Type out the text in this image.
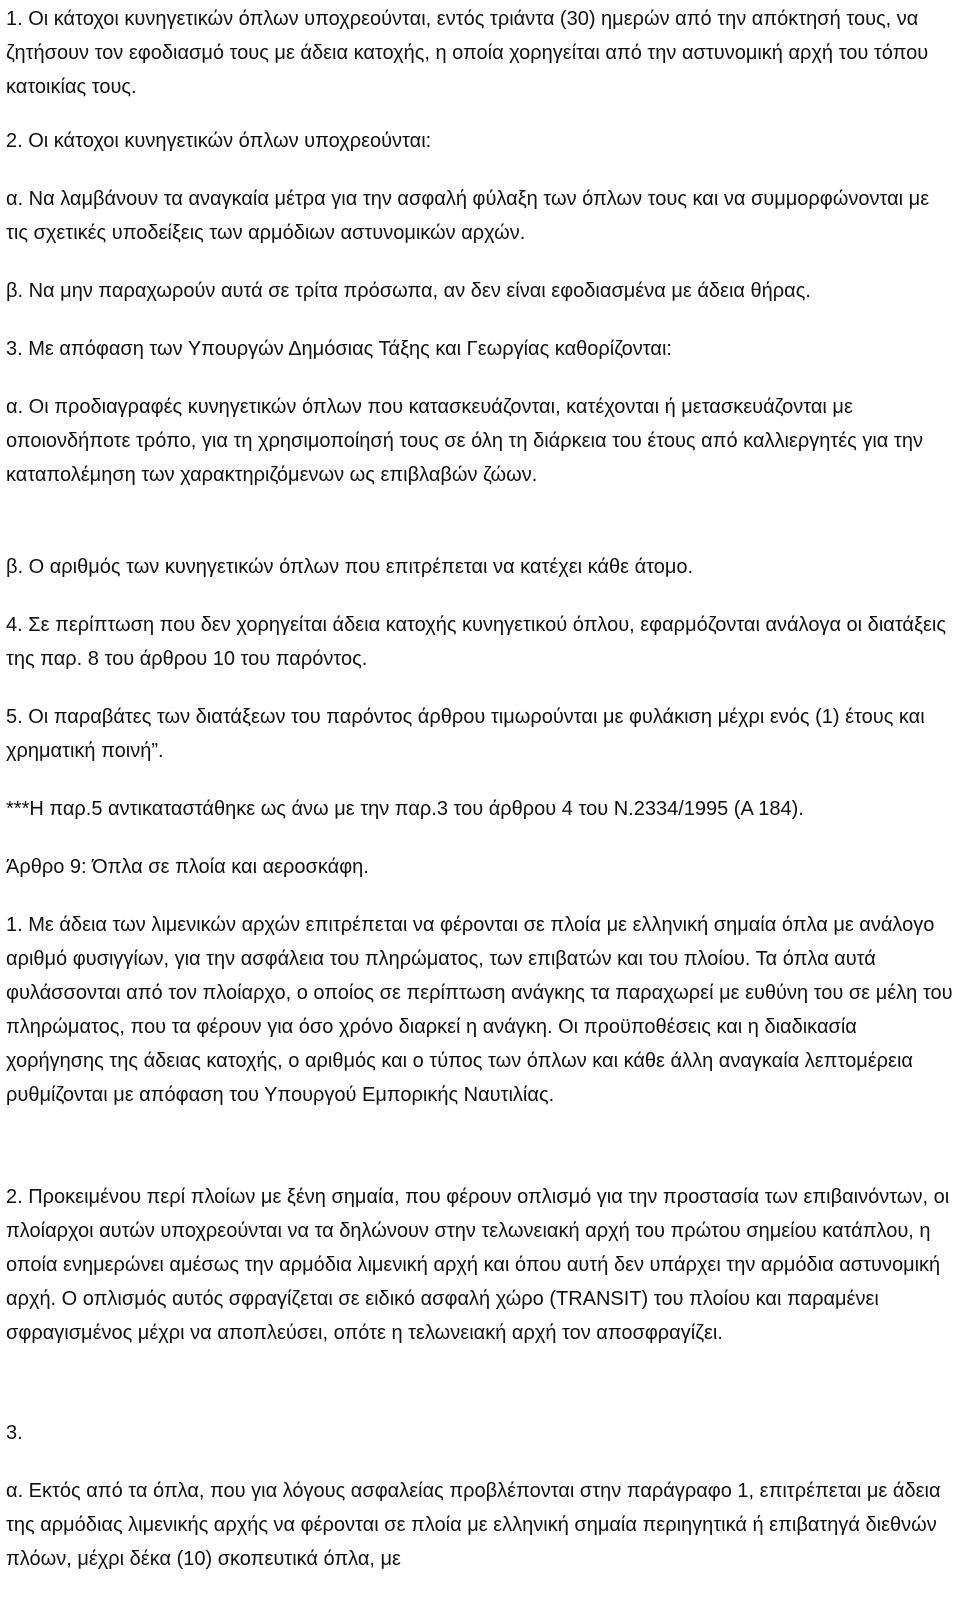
1. Οι κάτοχοι κυνηγετικών όπλων υποχρεούνται, εντός τριάντα (30) ημερών από την απόκτησή τους, να ζητήσουν τον εφοδιασμό τους με άδεια κατοχής, η οποία χορηγείται από την αστυνομική αρχή του τόπου κατοικίας τους.

2. Οι κάτοχοι κυνηγετικών όπλων υποχρεούνται:

α. Να λαμβάνουν τα αναγκαία μέτρα για την ασφαλή φύλαξη των όπλων τους και να συμμορφώνονται με τις σχετικές υποδείξεις των αρμόδιων αστυνομικών αρχών.

β. Να μην παραχωρούν αυτά σε τρίτα πρόσωπα, αν δεν είναι εφοδιασμένα με άδεια θήρας.

3. Με απόφαση των Υπουργών Δημόσιας Τάξης και Γεωργίας καθορίζονται:

α. Οι προδιαγραφές κυνηγετικών όπλων που κατασκευάζονται, κατέχονται ή μετασκευάζονται με οποιονδήποτε τρόπο, για τη χρησιμοποίησή τους σε όλη τη διάρκεια του έτους από καλλιεργητές για την καταπολέμηση των χαρακτηριζόμενων ως επιβλαβών ζώων.

β. Ο αριθμός των κυνηγετικών όπλων που επιτρέπεται να κατέχει κάθε άτομο.

4. Σε περίπτωση που δεν χορηγείται άδεια κατοχής κυνηγετικού όπλου, εφαρμόζονται ανάλογα οι διατάξεις της παρ. 8 του άρθρου 10 του παρόντος.

5. Οι παραβάτες των διατάξεων του παρόντος άρθρου τιμωρούνται με φυλάκιση μέχρι ενός (1) έτους και χρηματική ποινή”.

***Η παρ.5 αντικαταστάθηκε ως άνω με την παρ.3 του άρθρου 4 του Ν.2334/1995 (Α 184).

Άρθρο 9: Όπλα σε πλοία και αεροσκάφη.

1. Με άδεια των λιμενικών αρχών επιτρέπεται να φέρονται σε πλοία με ελληνική σημαία όπλα με ανάλογο αριθμό φυσιγγίων, για την ασφάλεια του πληρώματος, των επιβατών και του πλοίου. Τα όπλα αυτά φυλάσσονται από τον πλοίαρχο, ο οποίος σε περίπτωση ανάγκης τα παραχωρεί με ευθύνη του σε μέλη του πληρώματος, που τα φέρουν για όσο χρόνο διαρκεί η ανάγκη. Οι προϋποθέσεις και η διαδικασία χορήγησης της άδειας κατοχής, ο αριθμός και ο τύπος των όπλων και κάθε άλλη αναγκαία λεπτομέρεια ρυθμίζονται με απόφαση του Υπουργού Εμπορικής Ναυτιλίας.

2. Προκειμένου περί πλοίων με ξένη σημαία, που φέρουν οπλισμό για την προστασία των επιβαινόντων, οι πλοίαρχοι αυτών υποχρεούνται να τα δηλώνουν στην τελωνειακή αρχή του πρώτου σημείου κατάπλου, η οποία ενημερώνει αμέσως την αρμόδια λιμενική αρχή και όπου αυτή δεν υπάρχει την αρμόδια αστυνομική αρχή. Ο οπλισμός αυτός σφραγίζεται σε ειδικό ασφαλή χώρο (TRANSIT) του πλοίου και παραμένει σφραγισμένος μέχρι να αποπλεύσει, οπότε η τελωνειακή αρχή τον αποσφραγίζει.

3.

α. Εκτός από τα όπλα, που για λόγους ασφαλείας προβλέπονται στην παράγραφο 1, επιτρέπεται με άδεια της αρμόδιας λιμενικής αρχής να φέρονται σε πλοία με ελληνική σημαία περιηγητικά ή επιβατηγά διεθνών πλόων, μέχρι δέκα (10) σκοπευτικά όπλα, με
